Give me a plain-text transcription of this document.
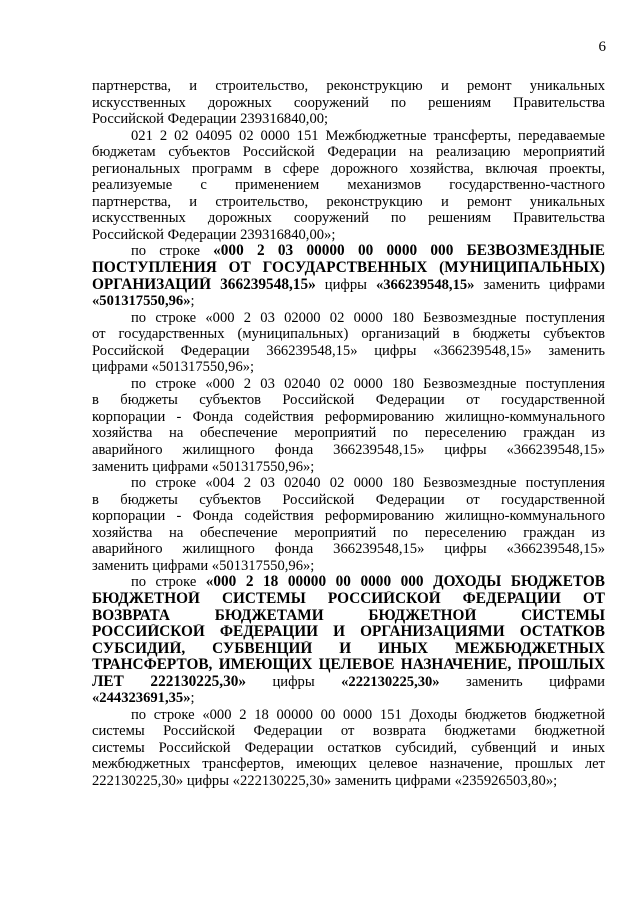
6
партнерства, и строительство, реконструкцию и ремонт уникальных
искусственных дорожных сооружений по решениям Правительства
Российской Федерации 239316840,00;
021 2 02 04095 02 0000 151 Межбюджетные трансферты, передаваемые
бюджетам субъектов Российской Федерации на реализацию мероприятий
региональных программ в сфере дорожного хозяйства, включая проекты,
реализуемые с применением механизмов государственно-частного
партнерства, и строительство, реконструкцию и ремонт уникальных
искусственных дорожных сооружений по решениям Правительства
Российской Федерации 239316840,00»;
по строке «000 2 03 00000 00 0000 000 БЕЗВОЗМЕЗДНЫЕ
ПОСТУПЛЕНИЯ ОТ ГОСУДАРСТВЕННЫХ (МУНИЦИПАЛЬНЫХ)
ОРГАНИЗАЦИЙ 366239548,15» цифры «366239548,15» заменить цифрами
«501317550,96»;
по строке «000 2 03 02000 02 0000 180 Безвозмездные поступления
от государственных (муниципальных) организаций в бюджеты субъектов
Российской Федерации 366239548,15» цифры «366239548,15» заменить
цифрами «501317550,96»;
по строке «000 2 03 02040 02 0000 180 Безвозмездные поступления
в бюджеты субъектов Российской Федерации от государственной
корпорации - Фонда содействия реформированию жилищно-коммунального
хозяйства на обеспечение мероприятий по переселению граждан из
аварийного жилищного фонда 366239548,15» цифры «366239548,15»
заменить цифрами «501317550,96»;
по строке «004 2 03 02040 02 0000 180 Безвозмездные поступления
в бюджеты субъектов Российской Федерации от государственной
корпорации - Фонда содействия реформированию жилищно-коммунального
хозяйства на обеспечение мероприятий по переселению граждан из
аварийного жилищного фонда 366239548,15» цифры «366239548,15»
заменить цифрами «501317550,96»;
по строке «000 2 18 00000 00 0000 000 ДОХОДЫ БЮДЖЕТОВ
БЮДЖЕТНОЙ СИСТЕМЫ РОССИЙСКОЙ ФЕДЕРАЦИИ ОТ
ВОЗВРАТА БЮДЖЕТАМИ БЮДЖЕТНОЙ СИСТЕМЫ
РОССИЙСКОЙ ФЕДЕРАЦИИ И ОРГАНИЗАЦИЯМИ ОСТАТКОВ
СУБСИДИЙ, СУБВЕНЦИЙ И ИНЫХ МЕЖБЮДЖЕТНЫХ
ТРАНСФЕРТОВ, ИМЕЮЩИХ ЦЕЛЕВОЕ НАЗНАЧЕНИЕ, ПРОШЛЫХ
ЛЕТ 222130225,30» цифры «222130225,30» заменить цифрами
«244323691,35»;
по строке «000 2 18 00000 00 0000 151 Доходы бюджетов бюджетной
системы Российской Федерации от возврата бюджетами бюджетной
системы Российской Федерации остатков субсидий, субвенций и иных
межбюджетных трансфертов, имеющих целевое назначение, прошлых лет
222130225,30» цифры «222130225,30» заменить цифрами «235926503,80»;
